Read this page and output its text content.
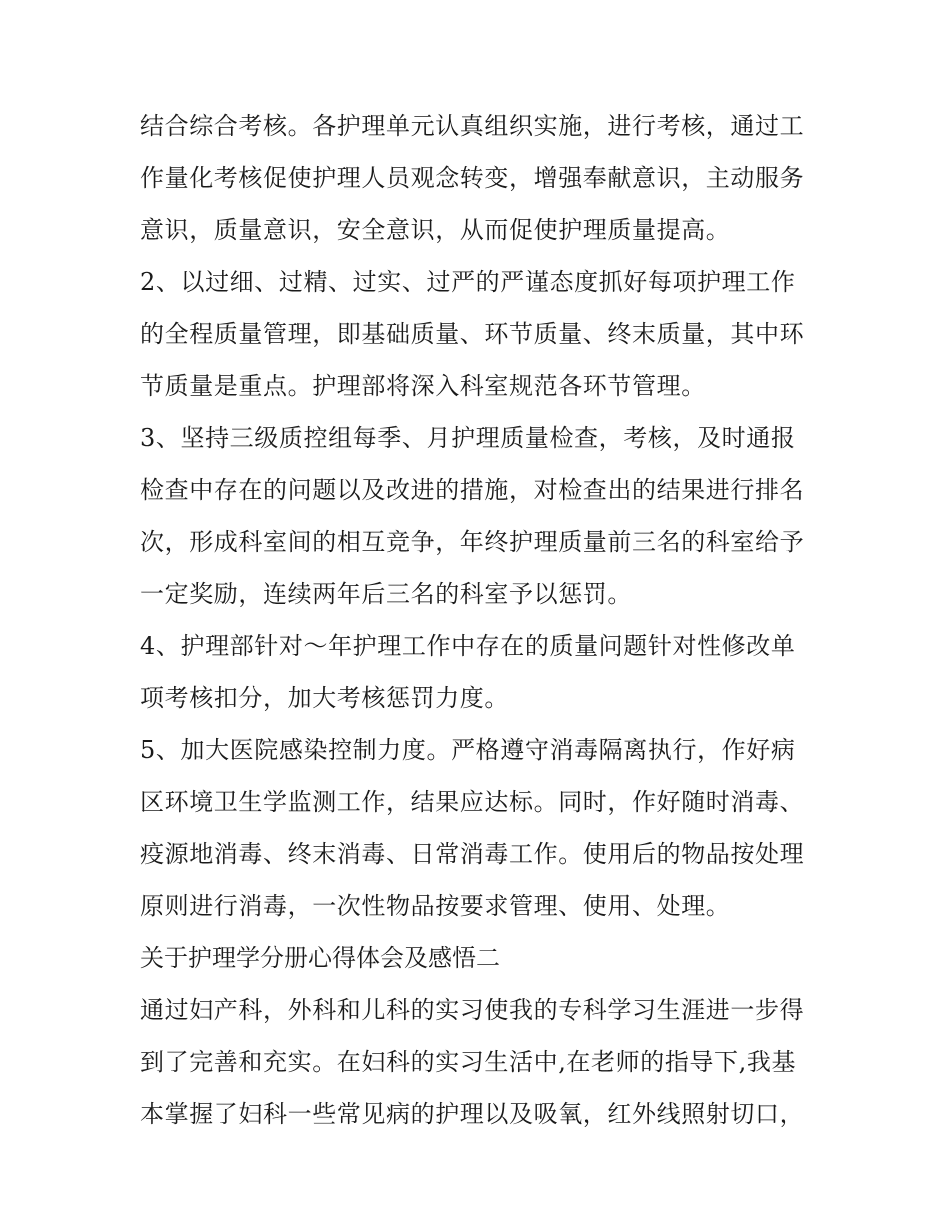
结合综合考核。各护理单元认真组织实施，进行考核，通过工
作量化考核促使护理人员观念转变，增强奉献意识，主动服务
意识，质量意识，安全意识，从而促使护理质量提高。
2、以过细、过精、过实、过严的严谨态度抓好每项护理工作
的全程质量管理，即基础质量、环节质量、终末质量，其中环
节质量是重点。护理部将深入科室规范各环节管理。
3、坚持三级质控组每季、月护理质量检查，考核，及时通报
检查中存在的问题以及改进的措施，对检查出的结果进行排名
次，形成科室间的相互竞争，年终护理质量前三名的科室给予
一定奖励，连续两年后三名的科室予以惩罚。
4、护理部针对～年护理工作中存在的质量问题针对性修改单
项考核扣分，加大考核惩罚力度。
5、加大医院感染控制力度。严格遵守消毒隔离执行，作好病
区环境卫生学监测工作，结果应达标。同时，作好随时消毒、
疫源地消毒、终末消毒、日常消毒工作。使用后的物品按处理
原则进行消毒，一次性物品按要求管理、使用、处理。
关于护理学分册心得体会及感悟二
通过妇产科，外科和儿科的实习使我的专科学习生涯进一步得
到了完善和充实。在妇科的实习生活中,在老师的指导下,我基
本掌握了妇科一些常见病的护理以及吸氧，红外线照射切口，
